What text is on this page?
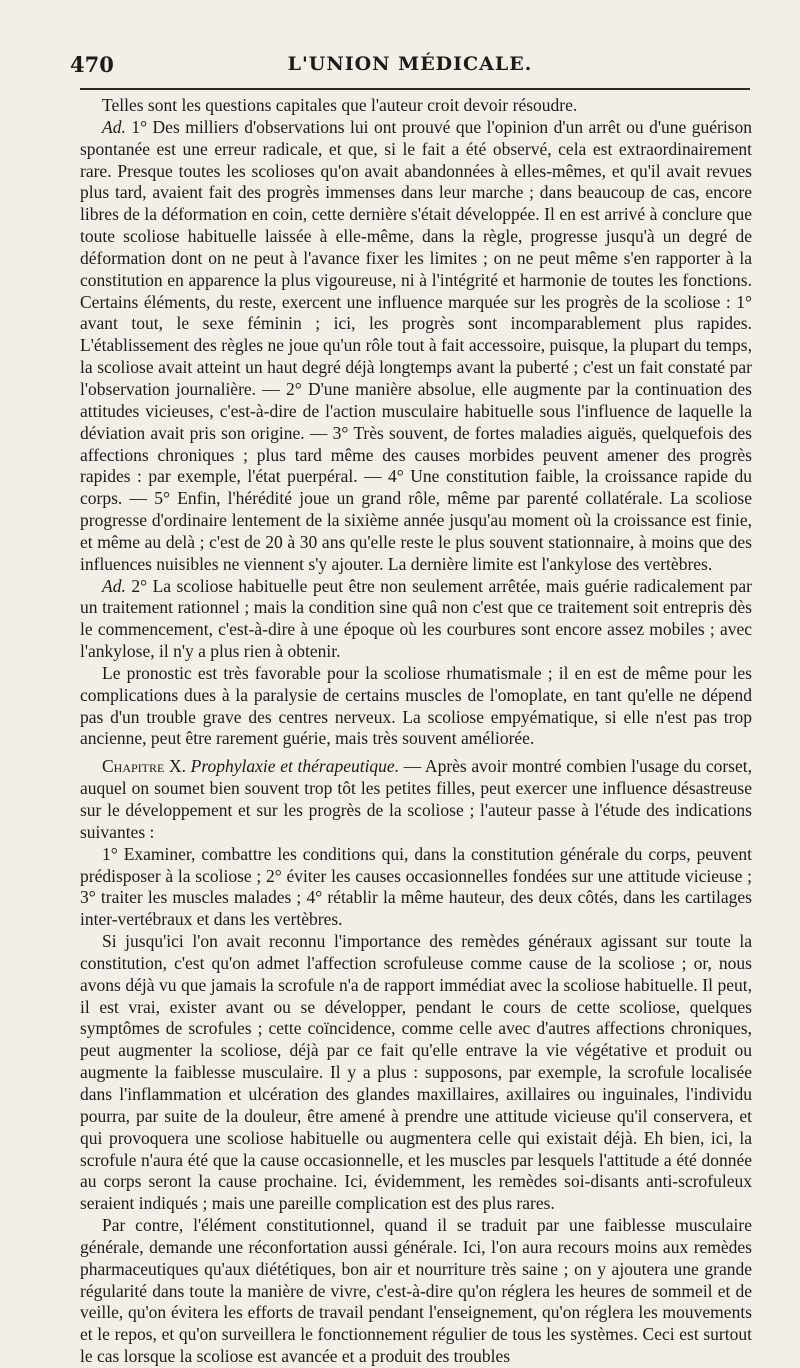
470	L'UNION MÉDICALE.

Telles sont les questions capitales que l'auteur croit devoir résoudre.

Ad. 1° Des milliers d'observations lui ont prouvé que l'opinion d'un arrêt ou d'une guérison spontanée est une erreur radicale, et que, si le fait a été observé, cela est extraordinairement rare. Presque toutes les scolioses qu'on avait abandonnées à elles-mêmes, et qu'il avait revues plus tard, avaient fait des progrès immenses dans leur marche ; dans beaucoup de cas, encore libres de la déformation en coin, cette dernière s'était développée. Il en est arrivé à conclure que toute scoliose habituelle laissée à elle-même, dans la règle, progresse jusqu'à un degré de déformation dont on ne peut à l'avance fixer les limites ; on ne peut même s'en rapporter à la constitution en apparence la plus vigoureuse, ni à l'intégrité et harmonie de toutes les fonctions. Certains éléments, du reste, exercent une influence marquée sur les progrès de la scoliose : 1° avant tout, le sexe féminin ; ici, les progrès sont incomparablement plus rapides. L'établissement des règles ne joue qu'un rôle tout à fait accessoire, puisque, la plupart du temps, la scoliose avait atteint un haut degré déjà longtemps avant la puberté ; c'est un fait constaté par l'observation journalière. — 2° D'une manière absolue, elle augmente par la continuation des attitudes vicieuses, c'est-à-dire de l'action musculaire habituelle sous l'influence de laquelle la déviation avait pris son origine. — 3° Très souvent, de fortes maladies aiguës, quelquefois des affections chroniques ; plus tard même des causes morbides peuvent amener des progrès rapides : par exemple, l'état puerpéral. — 4° Une constitution faible, la croissance rapide du corps. — 5° Enfin, l'hérédité joue un grand rôle, même par parenté collatérale. La scoliose progresse d'ordinaire lentement de la sixième année jusqu'au moment où la croissance est finie, et même au delà ; c'est de 20 à 30 ans qu'elle reste le plus souvent stationnaire, à moins que des influences nuisibles ne viennent s'y ajouter. La dernière limite est l'ankylose des vertèbres.

Ad. 2° La scoliose habituelle peut être non seulement arrêtée, mais guérie radicalement par un traitement rationnel ; mais la condition sine quâ non c'est que ce traitement soit entrepris dès le commencement, c'est-à-dire à une époque où les courbures sont encore assez mobiles ; avec l'ankylose, il n'y a plus rien à obtenir.

Le pronostic est très favorable pour la scoliose rhumatismale ; il en est de même pour les complications dues à la paralysie de certains muscles de l'omoplate, en tant qu'elle ne dépend pas d'un trouble grave des centres nerveux. La scoliose empyématique, si elle n'est pas trop ancienne, peut être rarement guérie, mais très souvent améliorée.

Chapitre X. Prophylaxie et thérapeutique. — Après avoir montré combien l'usage du corset, auquel on soumet bien souvent trop tôt les petites filles, peut exercer une influence désastreuse sur le développement et sur les progrès de la scoliose ; l'auteur passe à l'étude des indications suivantes :

1° Examiner, combattre les conditions qui, dans la constitution générale du corps, peuvent prédisposer à la scoliose ; 2° éviter les causes occasionnelles fondées sur une attitude vicieuse ; 3° traiter les muscles malades ; 4° rétablir la même hauteur, des deux côtés, dans les cartilages inter-vertébraux et dans les vertèbres.

Si jusqu'ici l'on avait reconnu l'importance des remèdes généraux agissant sur toute la constitution, c'est qu'on admet l'affection scrofuleuse comme cause de la scoliose ; or, nous avons déjà vu que jamais la scrofule n'a de rapport immédiat avec la scoliose habituelle. Il peut, il est vrai, exister avant ou se développer, pendant le cours de cette scoliose, quelques symptômes de scrofules ; cette coïncidence, comme celle avec d'autres affections chroniques, peut augmenter la scoliose, déjà par ce fait qu'elle entrave la vie végétative et produit ou augmente la faiblesse musculaire. Il y a plus : supposons, par exemple, la scrofule localisée dans l'inflammation et ulcération des glandes maxillaires, axillaires ou inguinales, l'individu pourra, par suite de la douleur, être amené à prendre une attitude vicieuse qu'il conservera, et qui provoquera une scoliose habituelle ou augmentera celle qui existait déjà. Eh bien, ici, la scrofule n'aura été que la cause occasionnelle, et les muscles par lesquels l'attitude a été donnée au corps seront la cause prochaine. Ici, évidemment, les remèdes soi-disants anti-scrofuleux seraient indiqués ; mais une pareille complication est des plus rares.

Par contre, l'élément constitutionnel, quand il se traduit par une faiblesse musculaire générale, demande une réconfortation aussi générale. Ici, l'on aura recours moins aux remèdes pharmaceutiques qu'aux diététiques, bon air et nourriture très saine ; on y ajoutera une grande régularité dans toute la manière de vivre, c'est-à-dire qu'on réglera les heures de sommeil et de veille, qu'on évitera les efforts de travail pendant l'enseignement, qu'on réglera les mouvements et le repos, et qu'on surveillera le fonctionnement régulier de tous les systèmes. Ceci est surtout le cas lorsque la scoliose est avancée et a produit des troubles
